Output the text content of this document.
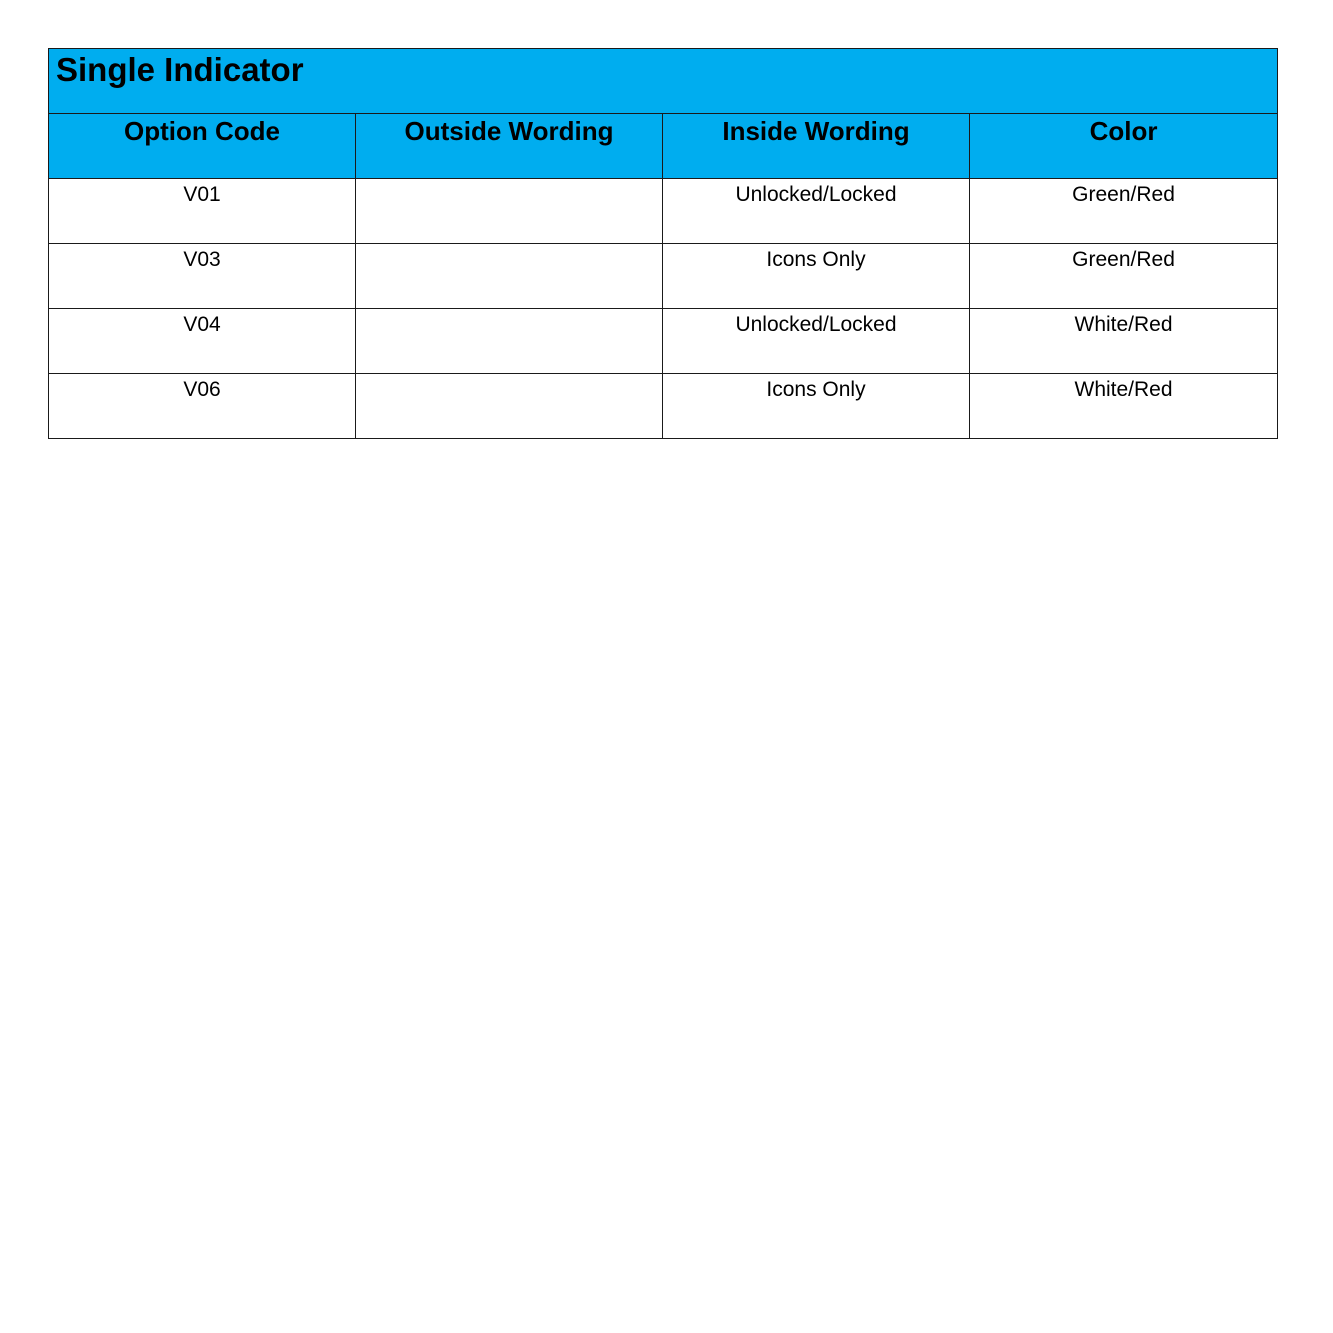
Single Indicator			
Option Code	Outside Wording	Inside Wording	Color
V01		Unlocked/Locked	Green/Red
V03		Icons Only	Green/Red
V04		Unlocked/Locked	White/Red
V06		Icons Only	White/Red
